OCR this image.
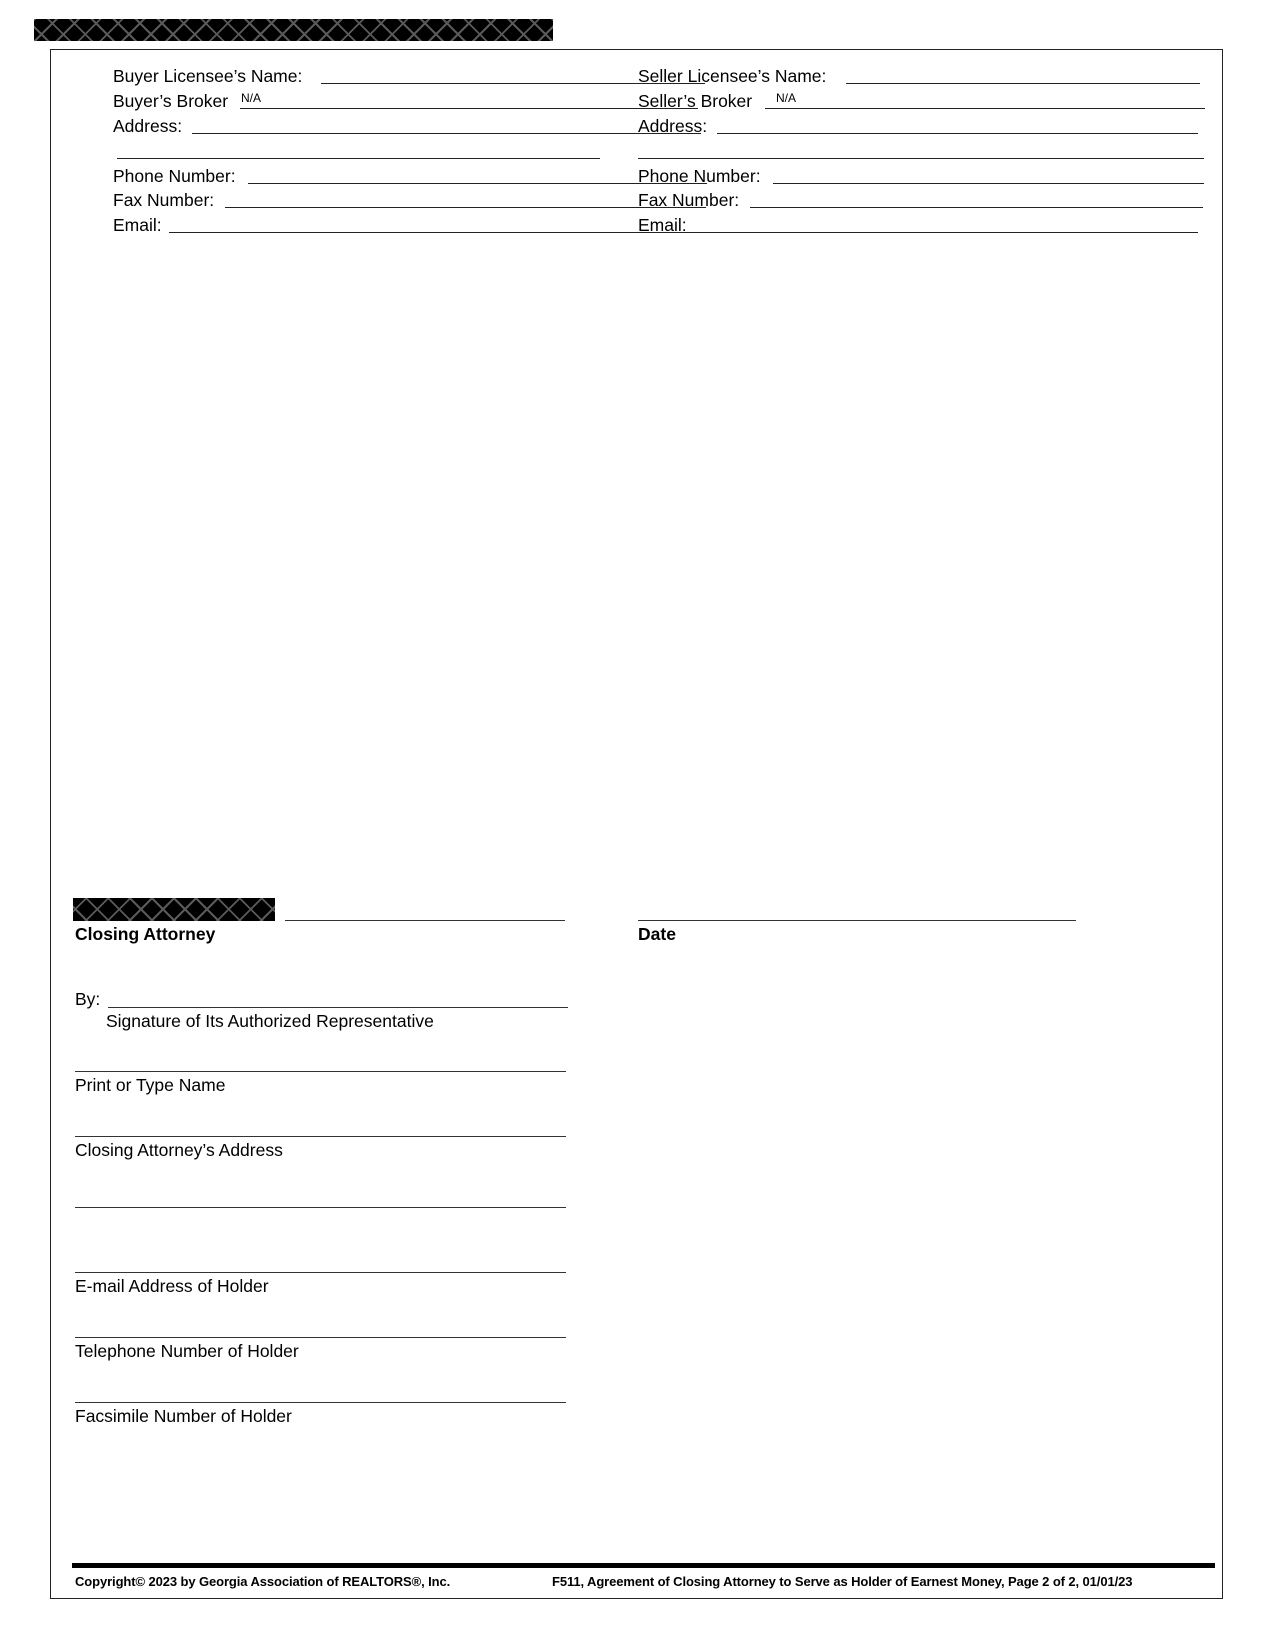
Buyer Licensee’s Name:
Buyer’s Broker N/A
Address:
Phone Number:
Fax Number:
Email:
Seller Licensee’s Name:
Seller’s Broker N/A
Address:
Phone Number:
Fax Number:
Email:
Closing Attorney	Date
By:
Signature of Its Authorized Representative
Print or Type Name
Closing Attorney’s Address
E-mail Address of Holder
Telephone Number of Holder
Facsimile Number of Holder
Copyright© 2023 by Georgia Association of REALTORS®, Inc.	F511, Agreement of Closing Attorney to Serve as Holder of Earnest Money, Page 2 of 2, 01/01/23
